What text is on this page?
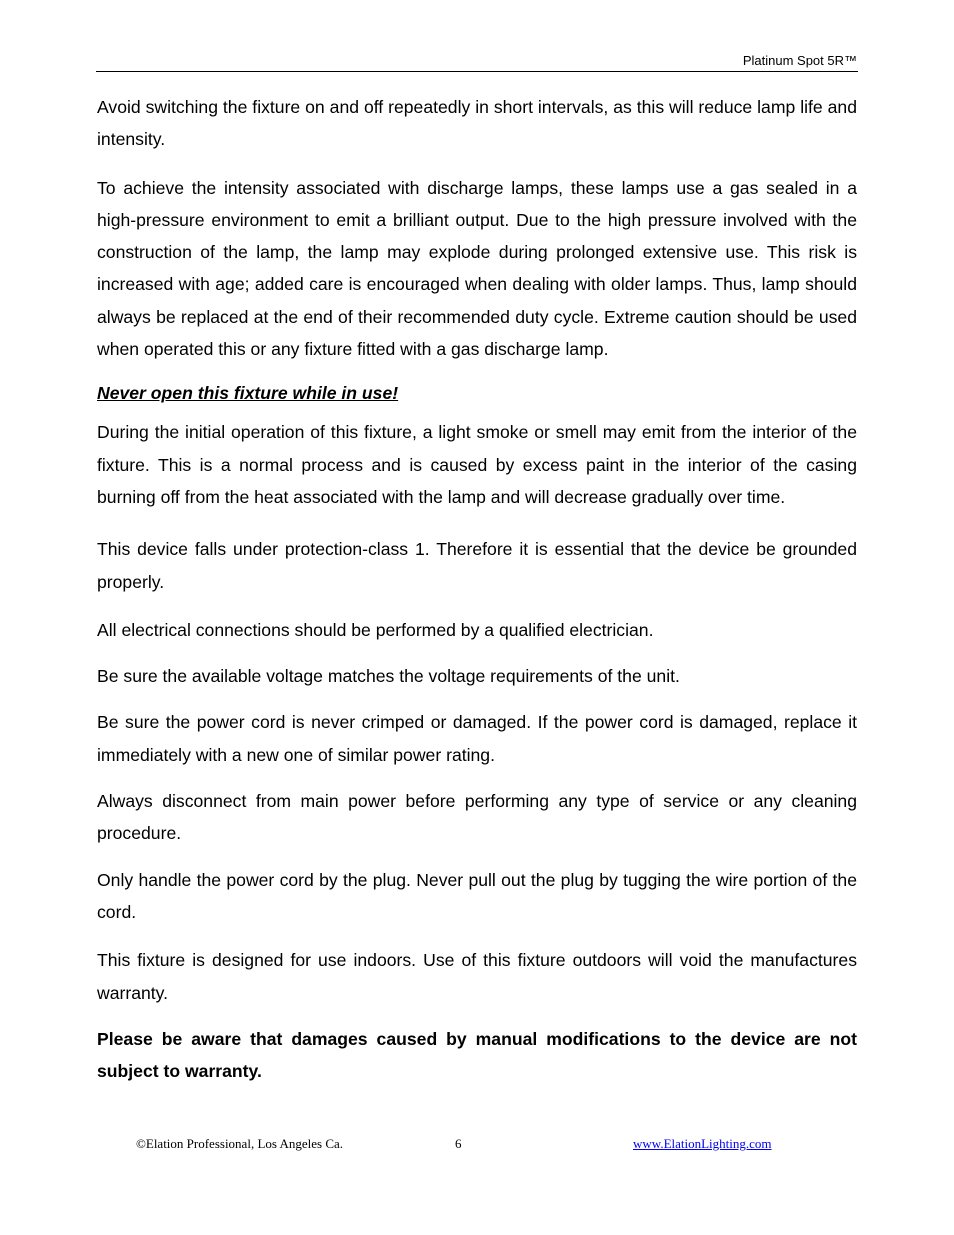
Platinum Spot 5R™

Avoid switching the fixture on and off repeatedly in short intervals, as this will reduce lamp life and intensity.

To achieve the intensity associated with discharge lamps, these lamps use a gas sealed in a high-pressure environment to emit a brilliant output. Due to the high pressure involved with the construction of the lamp, the lamp may explode during prolonged extensive use. This risk is increased with age; added care is encouraged when dealing with older lamps. Thus, lamp should always be replaced at the end of their recommended duty cycle. Extreme caution should be used when operated this or any fixture fitted with a gas discharge lamp.

Never open this fixture while in use!

During the initial operation of this fixture, a light smoke or smell may emit from the interior of the fixture. This is a normal process and is caused by excess paint in the interior of the casing burning off from the heat associated with the lamp and will decrease gradually over time.

This device falls under protection-class 1. Therefore it is essential that the device be grounded properly.

All electrical connections should be performed by a qualified electrician.

Be sure the available voltage matches the voltage requirements of the unit.

Be sure the power cord is never crimped or damaged. If the power cord is damaged, replace it immediately with a new one of similar power rating.

Always disconnect from main power before performing any type of service or any cleaning procedure.

Only handle the power cord by the plug. Never pull out the plug by tugging the wire portion of the cord.

This fixture is designed for use indoors. Use of this fixture outdoors will void the manufactures warranty.

Please be aware that damages caused by manual modifications to the device are not subject to warranty.

©Elation Professional, Los Angeles Ca.	6	www.ElationLighting.com
